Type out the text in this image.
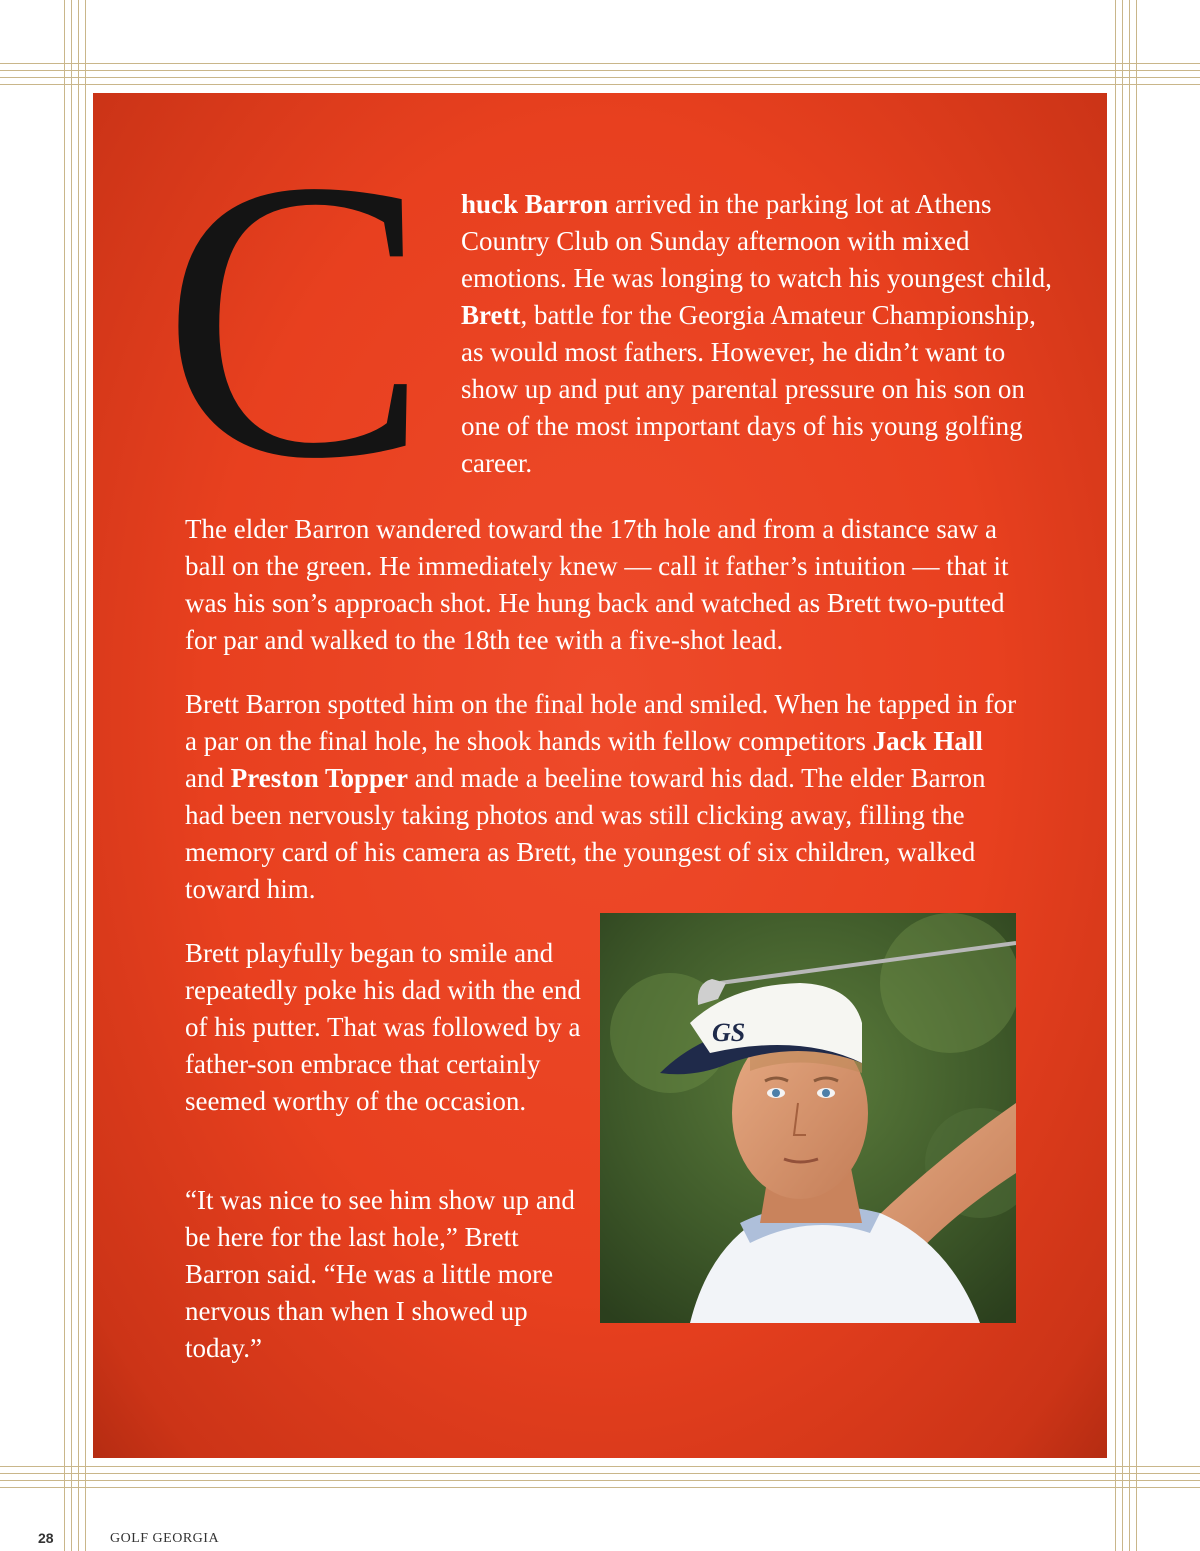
C huck Barron arrived in the parking lot at Athens Country Club on Sunday afternoon with mixed emotions. He was longing to watch his youngest child, Brett, battle for the Georgia Amateur Championship, as would most fathers. However, he didn’t want to show up and put any parental pressure on his son on one of the most important days of his young golfing career.
The elder Barron wandered toward the 17th hole and from a distance saw a ball on the green. He immediately knew — call it father’s intuition — that it was his son’s approach shot. He hung back and watched as Brett two-putted for par and walked to the 18th tee with a five-shot lead.
Brett Barron spotted him on the final hole and smiled. When he tapped in for a par on the final hole, he shook hands with fellow competitors Jack Hall and Preston Topper and made a beeline toward his dad. The elder Barron had been nervously taking photos and was still clicking away, filling the memory card of his camera as Brett, the youngest of six children, walked toward him.
Brett playfully began to smile and repeatedly poke his dad with the end of his putter. That was followed by a father-son embrace that certainly seemed worthy of the occasion.
“It was nice to see him show up and be here for the last hole,” Brett Barron said. “He was a little more nervous than when I showed up today.”
GS
28	GOLF GEORGIA
